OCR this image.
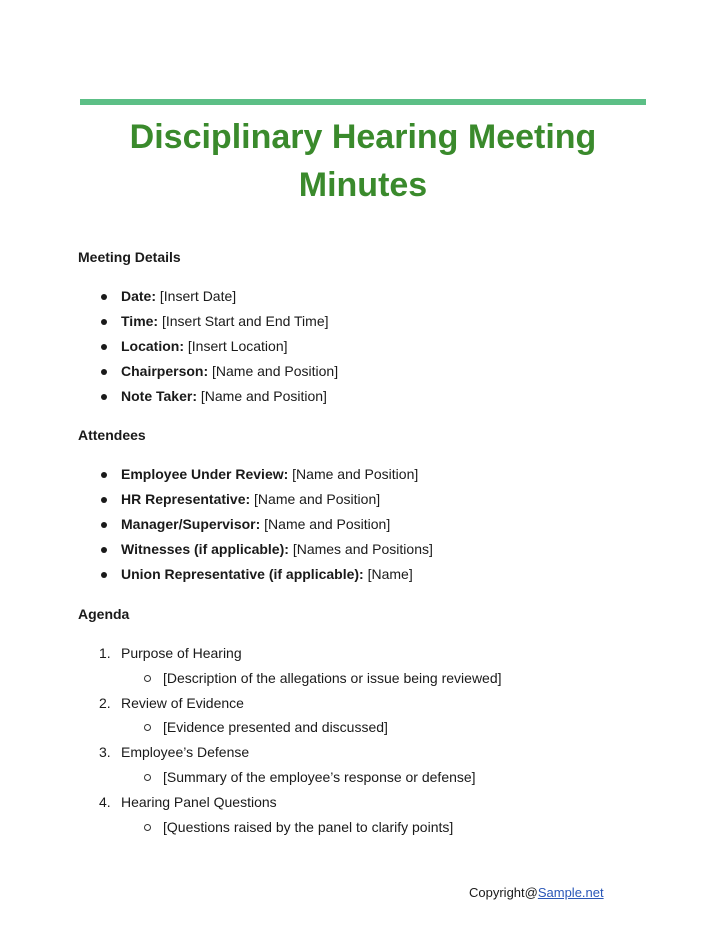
Disciplinary Hearing Meeting Minutes
Meeting Details
Date: [Insert Date]
Time: [Insert Start and End Time]
Location: [Insert Location]
Chairperson: [Name and Position]
Note Taker: [Name and Position]
Attendees
Employee Under Review: [Name and Position]
HR Representative: [Name and Position]
Manager/Supervisor: [Name and Position]
Witnesses (if applicable): [Names and Positions]
Union Representative (if applicable): [Name]
Agenda
1. Purpose of Hearing
[Description of the allegations or issue being reviewed]
2. Review of Evidence
[Evidence presented and discussed]
3. Employee’s Defense
[Summary of the employee’s response or defense]
4. Hearing Panel Questions
[Questions raised by the panel to clarify points]
Copyright@Sample.net
